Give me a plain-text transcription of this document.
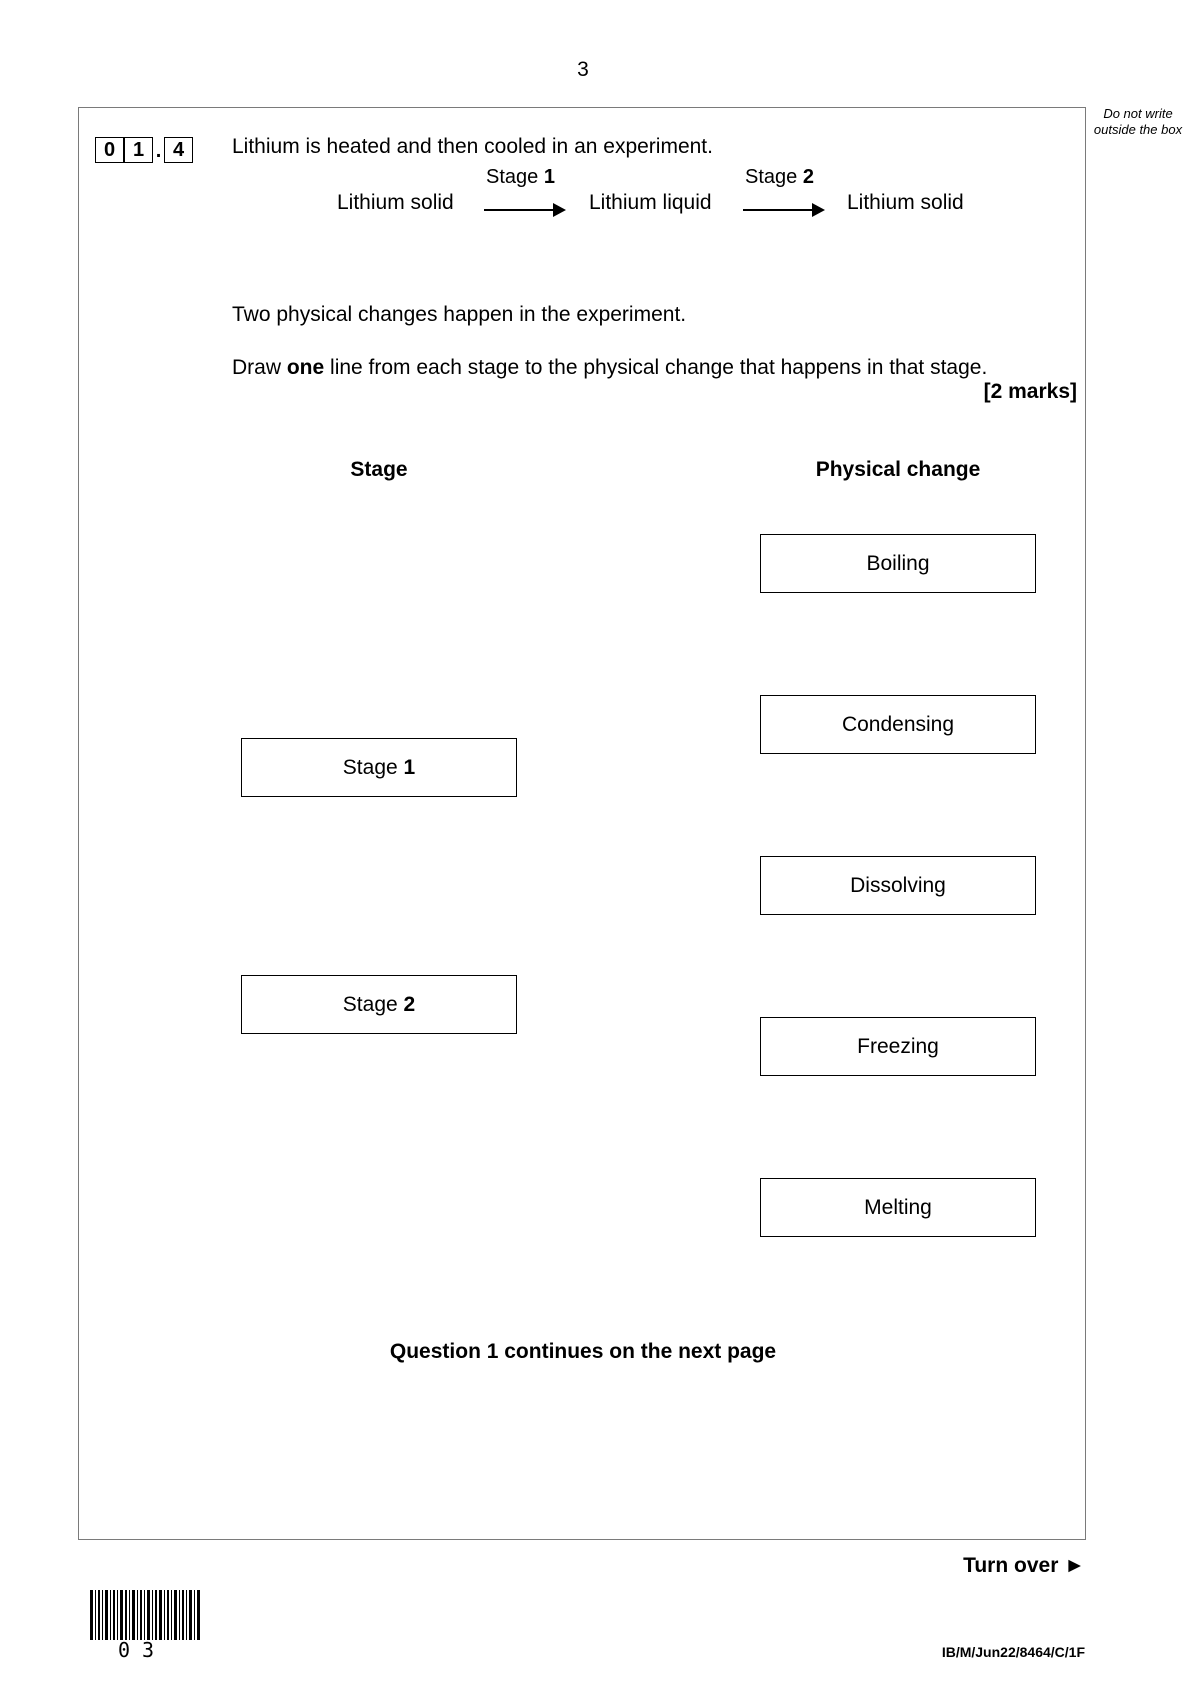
3
Do not write outside the box
0 1 . 4	Lithium is heated and then cooled in an experiment.
Lithium solid
Stage 1
Lithium liquid
Stage 2
Lithium solid
Two physical changes happen in the experiment.
Draw one line from each stage to the physical change that happens in that stage.
[2 marks]
Stage	Physical change
Stage 1
Stage 2
Boiling
Condensing
Dissolving
Freezing
Melting
Question 1 continues on the next page
Turn over ►
03	IB/M/Jun22/8464/C/1F
